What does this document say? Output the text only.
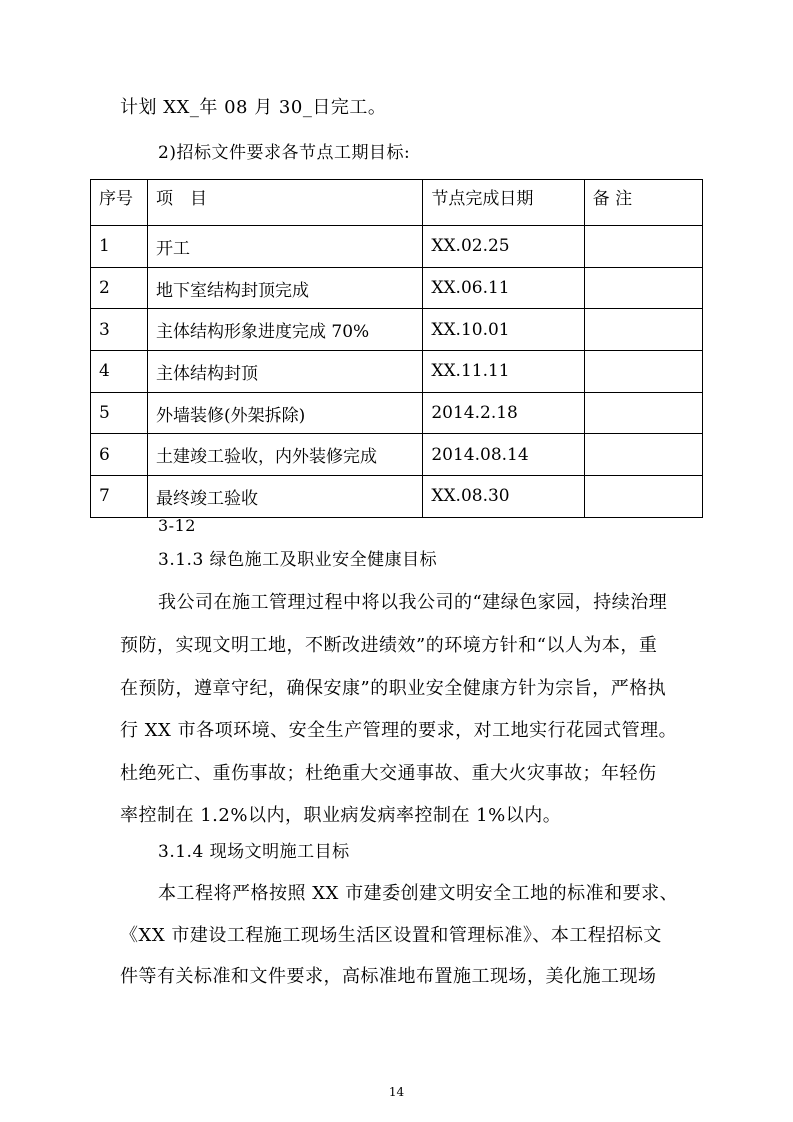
计划 XX_年 08 月 30_日完工。
2)招标文件要求各节点工期目标:
序号	项　目	节点完成日期	备 注
1	开工	XX.02.25	
2	地下室结构封顶完成	XX.06.11	
3	主体结构形象进度完成 70%	XX.10.01	
4	主体结构封顶	XX.11.11	
5	外墙装修(外架拆除)	2014.2.18	
6	土建竣工验收，内外装修完成	2014.08.14	
7	最终竣工验收	XX.08.30	
3-12
3.1.3 绿色施工及职业安全健康目标
我公司在施工管理过程中将以我公司的“建绿色家园，持续治理
预防，实现文明工地，不断改进绩效”的环境方针和“以人为本，重
在预防，遵章守纪，确保安康”的职业安全健康方针为宗旨，严格执
行 XX 市各项环境、安全生产管理的要求，对工地实行花园式管理。
杜绝死亡、重伤事故；杜绝重大交通事故、重大火灾事故；年轻伤
率控制在 1.2%以内，职业病发病率控制在 1%以内。
3.1.4 现场文明施工目标
本工程将严格按照 XX 市建委创建文明安全工地的标准和要求、
《XX 市建设工程施工现场生活区设置和管理标准》、本工程招标文
件等有关标准和文件要求，高标准地布置施工现场，美化施工现场
14
